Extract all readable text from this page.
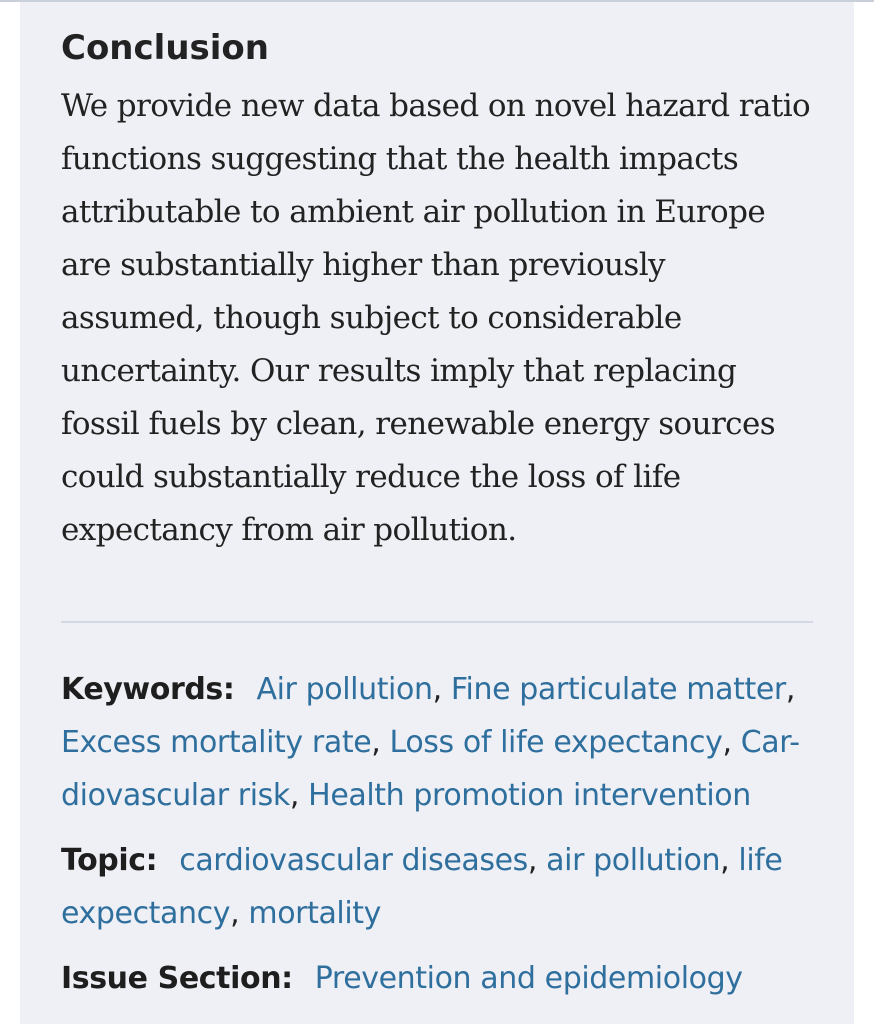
Conclusion

We provide new data based on novel hazard ratio functions suggesting that the health impacts attributable to ambient air pollution in Europe are substantially higher than previously assumed, though subject to considerable uncertainty. Our results imply that replacing fossil fuels by clean, renewable energy sources could substantially reduce the loss of life expectancy from air pollution.

Keywords: Air pollution, Fine particulate matter, Excess mortality rate, Loss of life expectancy, Car-diovascular risk, Health promotion intervention
Topic: cardiovascular diseases, air pollution, life expectancy, mortality
Issue Section: Prevention and epidemiology
